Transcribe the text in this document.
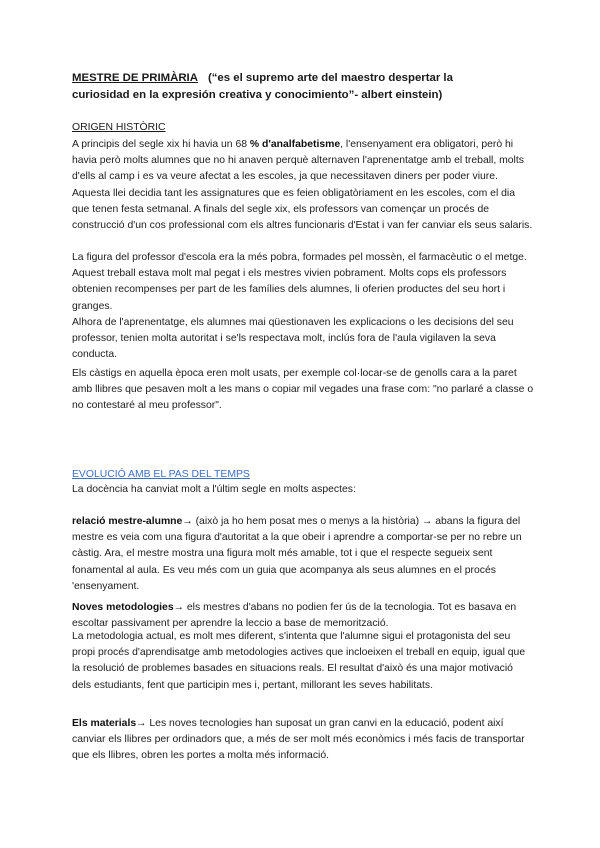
MESTRE DE PRIMÀRIA (“es el supremo arte del maestro despertar la
curiosidad en la expresión creativa y conocimiento”- albert einstein)
ORIGEN HISTÒRIC

A principis del segle xix hi havia un 68 % d'analfabetisme, l'ensenyament era obligatori, però hi havia però molts alumnes que no hi anaven perquè alternaven l'aprenentatge amb el treball, molts d'ells al camp i es va veure afectat a les escoles, ja que necessitaven diners per poder viure. Aquesta llei decidia tant les assignatures que es feien obligatòriament en les escoles, com el dia que tenen festa setmanal. A finals del segle xix, els professors van començar un procés de construcció d'un cos professional com els altres funcionaris d'Estat i van fer canviar els seus salaris.

La figura del professor d'escola era la més pobra, formades pel mossèn, el farmacèutic o el metge. Aquest treball estava molt mal pegat i els mestres vivien pobrament. Molts cops els professors obtenien recompenses per part de les famílies dels alumnes, li oferien productes del seu hort i granges.

Alhora de l'aprenentatge, els alumnes mai qüestionaven les explicacions o les decisions del seu professor, tenien molta autoritat i se'ls respectava molt, inclús fora de l'aula vigilaven la seva conducta.

Els càstigs en aquella època eren molt usats, per exemple col·locar-se de genolls cara a la paret amb llibres que pesaven molt a les mans o copiar mil vegades una frase com: "no parlaré a classe o no contestaré al meu professor".

EVOLUCIÓ AMB EL PAS DEL TEMPS

La docència ha canviat molt a l'últim segle en molts aspectes:

relació mestre-alumne→ (això ja ho hem posat mes o menys a la història) → abans la figura del mestre es veia com una figura d'autoritat a la que obeir i aprendre a comportar-se per no rebre un càstig. Ara, el mestre mostra una figura molt més amable, tot i que el respecte segueix sent fonamental al aula. Es veu més com un guia que acompanya als seus alumnes en el procés 'ensenyament.

Noves metodologies→ els mestres d'abans no podien fer ús de la tecnologia. Tot es basava en escoltar passivament per aprendre la leccio a base de memorització.

La metodologia actual, es molt mes diferent, s'intenta que l'alumne sigui el protagonista del seu propi procés d'aprendisatge amb metodologies actives que incloeixen el treball en equip, igual que la resolució de problemes basades en situacions reals. El resultat d'això és una major motivació dels estudiants, fent que participin mes i, pertant, millorant les seves habilitats.

Els materials→ Les noves tecnologies han suposat un gran canvi en la educació, podent així canviar els llibres per ordinadors que, a més de ser molt més econòmics i més facis de transportar que els llibres, obren les portes a molta més informació.
